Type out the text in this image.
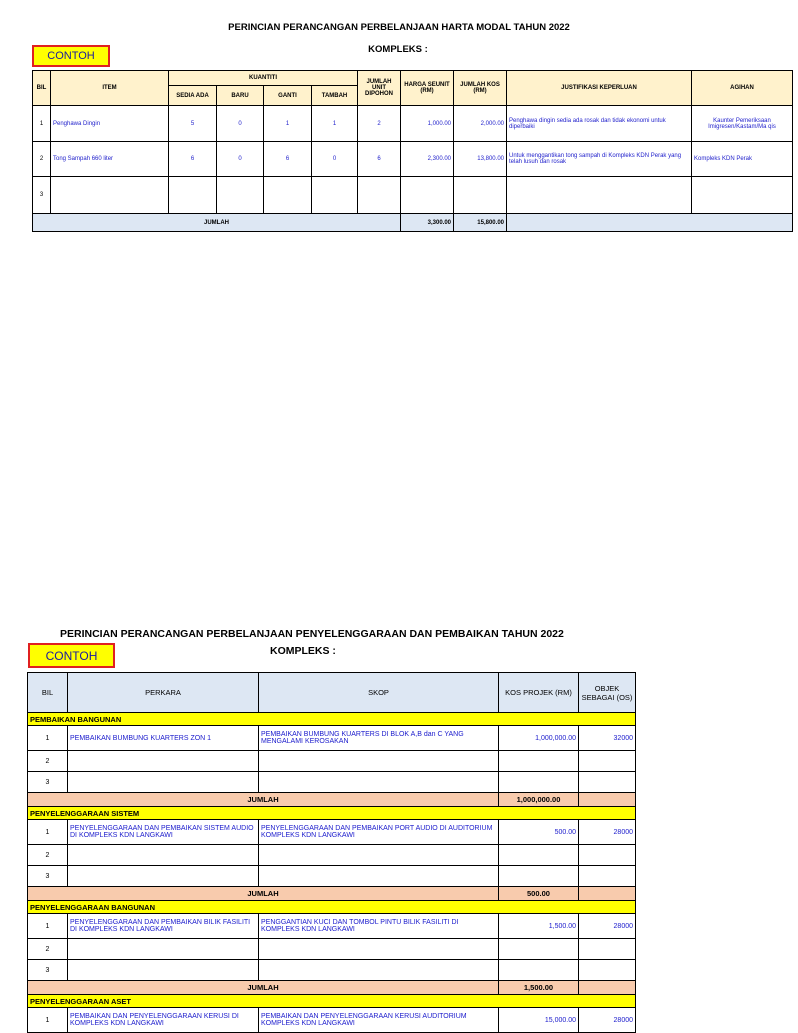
PERINCIAN PERANCANGAN PERBELANJAAN HARTA MODAL TAHUN 2022
KOMPLEKS :
CONTOH
BIL	ITEM	KUANTITI				JUMLAH UNIT DIPOHON	HARGA SEUNIT (RM)	JUMLAH KOS (RM)	JUSTIFIKASI KEPERLUAN	AGIHAN
		SEDIA ADA	BARU	GANTI	TAMBAH					
1	Penghawa Dingin	5	0	1	1	2	1,000.00	2,000.00	Penghawa dingin sedia ada rosak dan tidak ekonomi untuk diperbaiki	Kaunter Pemeriksaan Imigresen/Kastam/Ma qis
2	Tong Sampah 660 liter	6	0	6	0	6	2,300.00	13,800.00	Untuk menggantikan tong sampah di Kompleks KDN Perak yang telah lusuh dan rosak	Kompleks KDN Perak
3										
JUMLAH							3,300.00	15,800.00		
PERINCIAN PERANCANGAN PERBELANJAAN PENYELENGGARAAN DAN PEMBAIKAN TAHUN 2022
KOMPLEKS :
CONTOH
BIL	PERKARA	SKOP	KOS PROJEK (RM)	OBJEK SEBAGAI (OS)
PEMBAIKAN BANGUNAN				
1	PEMBAIKAN BUMBUNG KUARTERS ZON 1	PEMBAIKAN BUMBUNG KUARTERS DI BLOK A,B dan C YANG MENGALAMI KEROSAKAN	1,000,000.00	32000
2				
3				
JUMLAH			1,000,000.00	
PENYELENGGARAAN SISTEM				
1	PENYELENGGARAAN DAN PEMBAIKAN SISTEM AUDIO DI KOMPLEKS KDN LANGKAWI	PENYELENGGARAAN DAN PEMBAIKAN PORT AUDIO DI AUDITORIUM KOMPLEKS KDN LANGKAWI	500.00	28000
2				
3				
JUMLAH			500.00	
PENYELENGGARAAN BANGUNAN				
1	PENYELENGGARAAN DAN PEMBAIKAN BILIK FASILITI DI KOMPLEKS KDN LANGKAWI	PENGGANTIAN KUCI DAN TOMBOL PINTU BILIK FASILITI DI KOMPLEKS KDN LANGKAWI	1,500.00	28000
2				
3				
JUMLAH			1,500.00	
PENYELENGGARAAN ASET				
1	PEMBAIKAN DAN PENYELENGGARAAN KERUSI DI KOMPLEKS KDN LANGKAWI	PEMBAIKAN DAN PENYELENGGARAAN KERUSI AUDITORIUM KOMPLEKS KDN LANGKAWI	15,000.00	28000
